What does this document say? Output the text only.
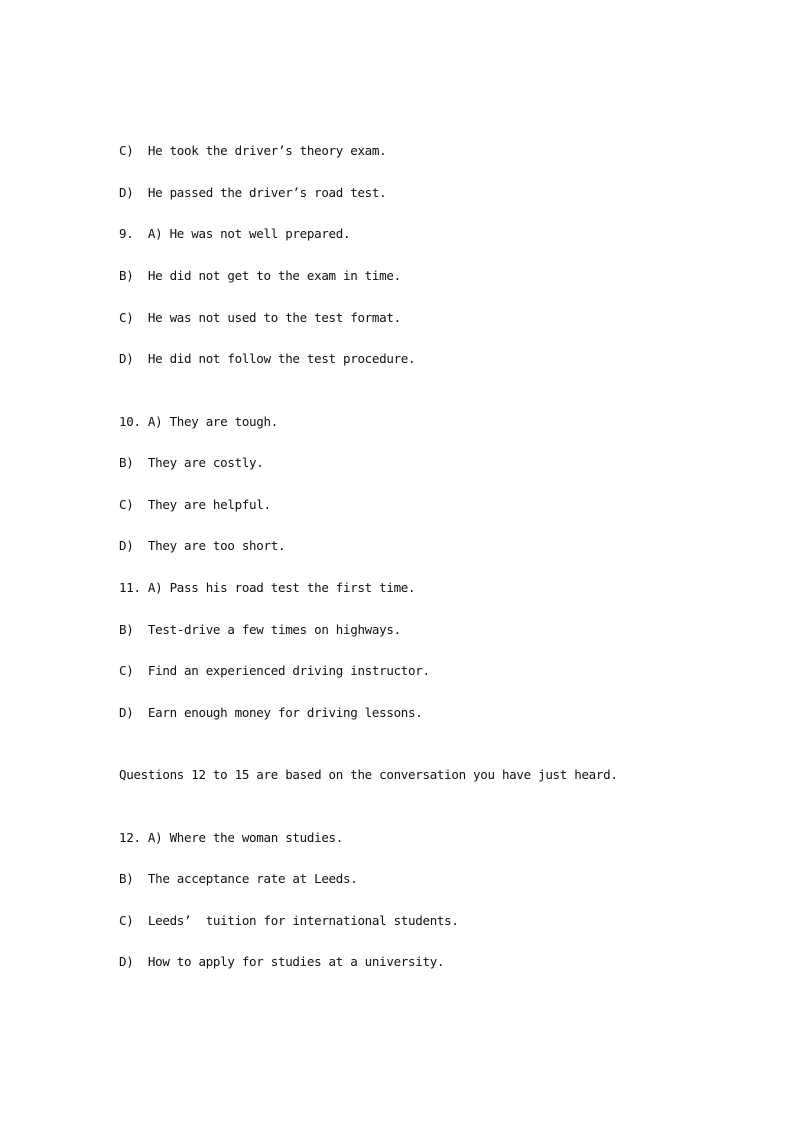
C)  He took the driver’s theory exam.
D)  He passed the driver’s road test.
9.  A) He was not well prepared.
B)  He did not get to the exam in time.
C)  He was not used to the test format.
D)  He did not follow the test procedure.
10. A) They are tough.
B)  They are costly.
C)  They are helpful.
D)  They are too short.
11. A) Pass his road test the first time.
B)  Test-drive a few times on highways.
C)  Find an experienced driving instructor.
D)  Earn enough money for driving lessons.
Questions 12 to 15 are based on the conversation you have just heard.
12. A) Where the woman studies.
B)  The acceptance rate at Leeds.
C)  Leeds’  tuition for international students.
D)  How to apply for studies at a university.
